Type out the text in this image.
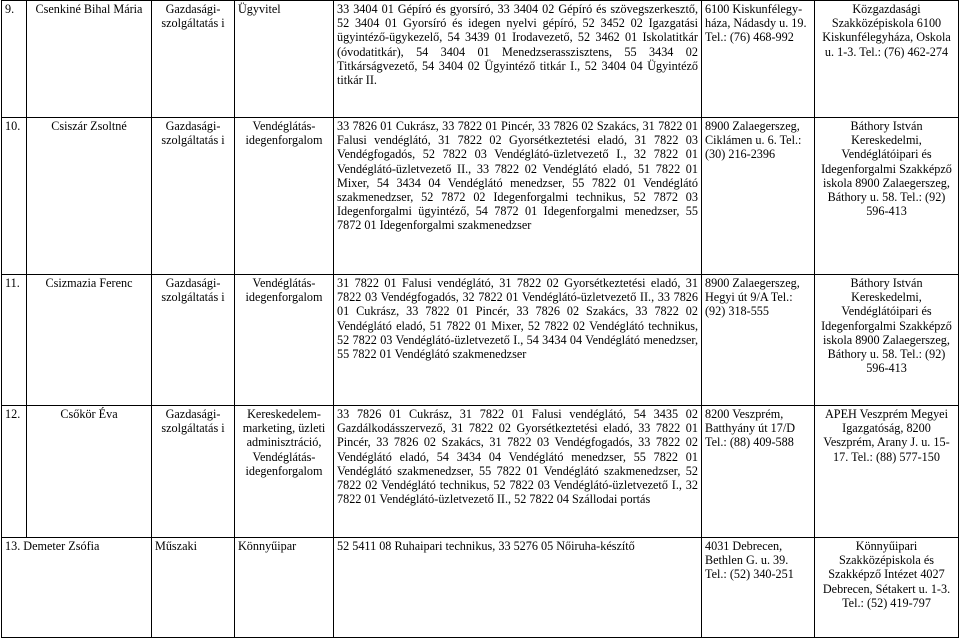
9.	Csenkiné Bihal Mária	Gazdasági-szolgáltatás i	Ügyvitel	33 3404 01 Gépíró és gyorsíró, 33 3404 02 Gépíró és szövegszerkesztő, 52 3404 01 Gyorsíró és idegen nyelvi gépíró, 52 3452 02 Igazgatási ügyintéző-ügykezelő, 54 3439 01 Irodavezető, 52 3462 01 Iskolatitkár (óvodatitkár), 54 3404 01 Menedzserasszisztens, 55 3434 02 Titkárságvezető, 54 3404 02 Ügyintéző titkár I., 52 3404 04 Ügyintéző titkár II.	6100 Kiskunfélegy-háza, Nádasdy u. 19. Tel.: (76) 468-992	Közgazdasági Szakközépiskola 6100 Kiskunfélegyháza, Oskola u. 1-3. Tel.: (76) 462-274
10.	Csiszár Zsoltné	Gazdasági-szolgáltatás i	Vendéglátás-idegenforgalom	33 7826 01 Cukrász, 33 7822 01 Pincér, 33 7826 02 Szakács, 31 7822 01 Falusi vendéglátó, 31 7822 02 Gyorsétkeztetési eladó, 31 7822 03 Vendégfogadós, 52 7822 03 Vendéglátó-üzletvezető I., 32 7822 01 Vendéglátó-üzletvezető II., 33 7822 02 Vendéglátó eladó, 51 7822 01 Mixer, 54 3434 04 Vendéglátó menedzser, 55 7822 01 Vendéglátó szakmenedzser, 52 7872 02 Idegenforgalmi technikus, 52 7872 03 Idegenforgalmi ügyintéző, 54 7872 01 Idegenforgalmi menedzser, 55 7872 01 Idegenforgalmi szakmenedzser	8900 Zalaegerszeg, Ciklámen u. 6. Tel.: (30) 216-2396	Báthory István Kereskedelmi, Vendéglátóipari és Idegenforgalmi Szakképző iskola 8900 Zalaegerszeg, Báthory u. 58. Tel.: (92) 596-413
11.	Csizmazia Ferenc	Gazdasági-szolgáltatás i	Vendéglátás-idegenforgalom	31 7822 01 Falusi vendéglátó, 31 7822 02 Gyorsétkeztetési eladó, 31 7822 03 Vendégfogadós, 32 7822 01 Vendéglátó-üzletvezető II., 33 7826 01 Cukrász, 33 7822 01 Pincér, 33 7826 02 Szakács, 33 7822 02 Vendéglátó eladó, 51 7822 01 Mixer, 52 7822 02 Vendéglátó technikus, 52 7822 03 Vendéglátó-üzletvezető I., 54 3434 04 Vendéglátó menedzser, 55 7822 01 Vendéglátó szakmenedzser	8900 Zalaegerszeg, Hegyi út 9/A Tel.: (92) 318-555	Báthory István Kereskedelmi, Vendéglátóipari és Idegenforgalmi Szakképző iskola 8900 Zalaegerszeg, Báthory u. 58. Tel.: (92) 596-413
12.	Csőkör Éva	Gazdasági-szolgáltatás i	Kereskedelem-marketing, üzleti adminisztráció, Vendéglátás-idegenforgalom	33 7826 01 Cukrász, 31 7822 01 Falusi vendéglátó, 54 3435 02 Gazdálkodásszervező, 31 7822 02 Gyorsétkeztetési eladó, 33 7822 01 Pincér, 33 7826 02 Szakács, 31 7822 03 Vendégfogadós, 33 7822 02 Vendéglátó eladó, 54 3434 04 Vendéglátó menedzser, 55 7822 01 Vendéglátó szakmenedzser, 55 7822 01 Vendéglátó szakmenedzser, 52 7822 02 Vendéglátó technikus, 52 7822 03 Vendéglátó-üzletvezető I., 32 7822 01 Vendéglátó-üzletvezető II., 52 7822 04 Szállodai portás	8200 Veszprém, Batthyány út 17/D Tel.: (88) 409-588	APEH Veszprém Megyei Igazgatóság, 8200 Veszprém, Arany J. u. 15-17. Tel.: (88) 577-150
13. Demeter Zsófia		Műszaki	Könnyűipar	52 5411 08 Ruhaipari technikus, 33 5276 05 Nőiruha-készítő	4031 Debrecen, Bethlen G. u. 39. Tel.: (52) 340-251	Könnyűipari Szakközépiskola és Szakképző Intézet 4027 Debrecen, Sétakert u. 1-3. Tel.: (52) 419-797
